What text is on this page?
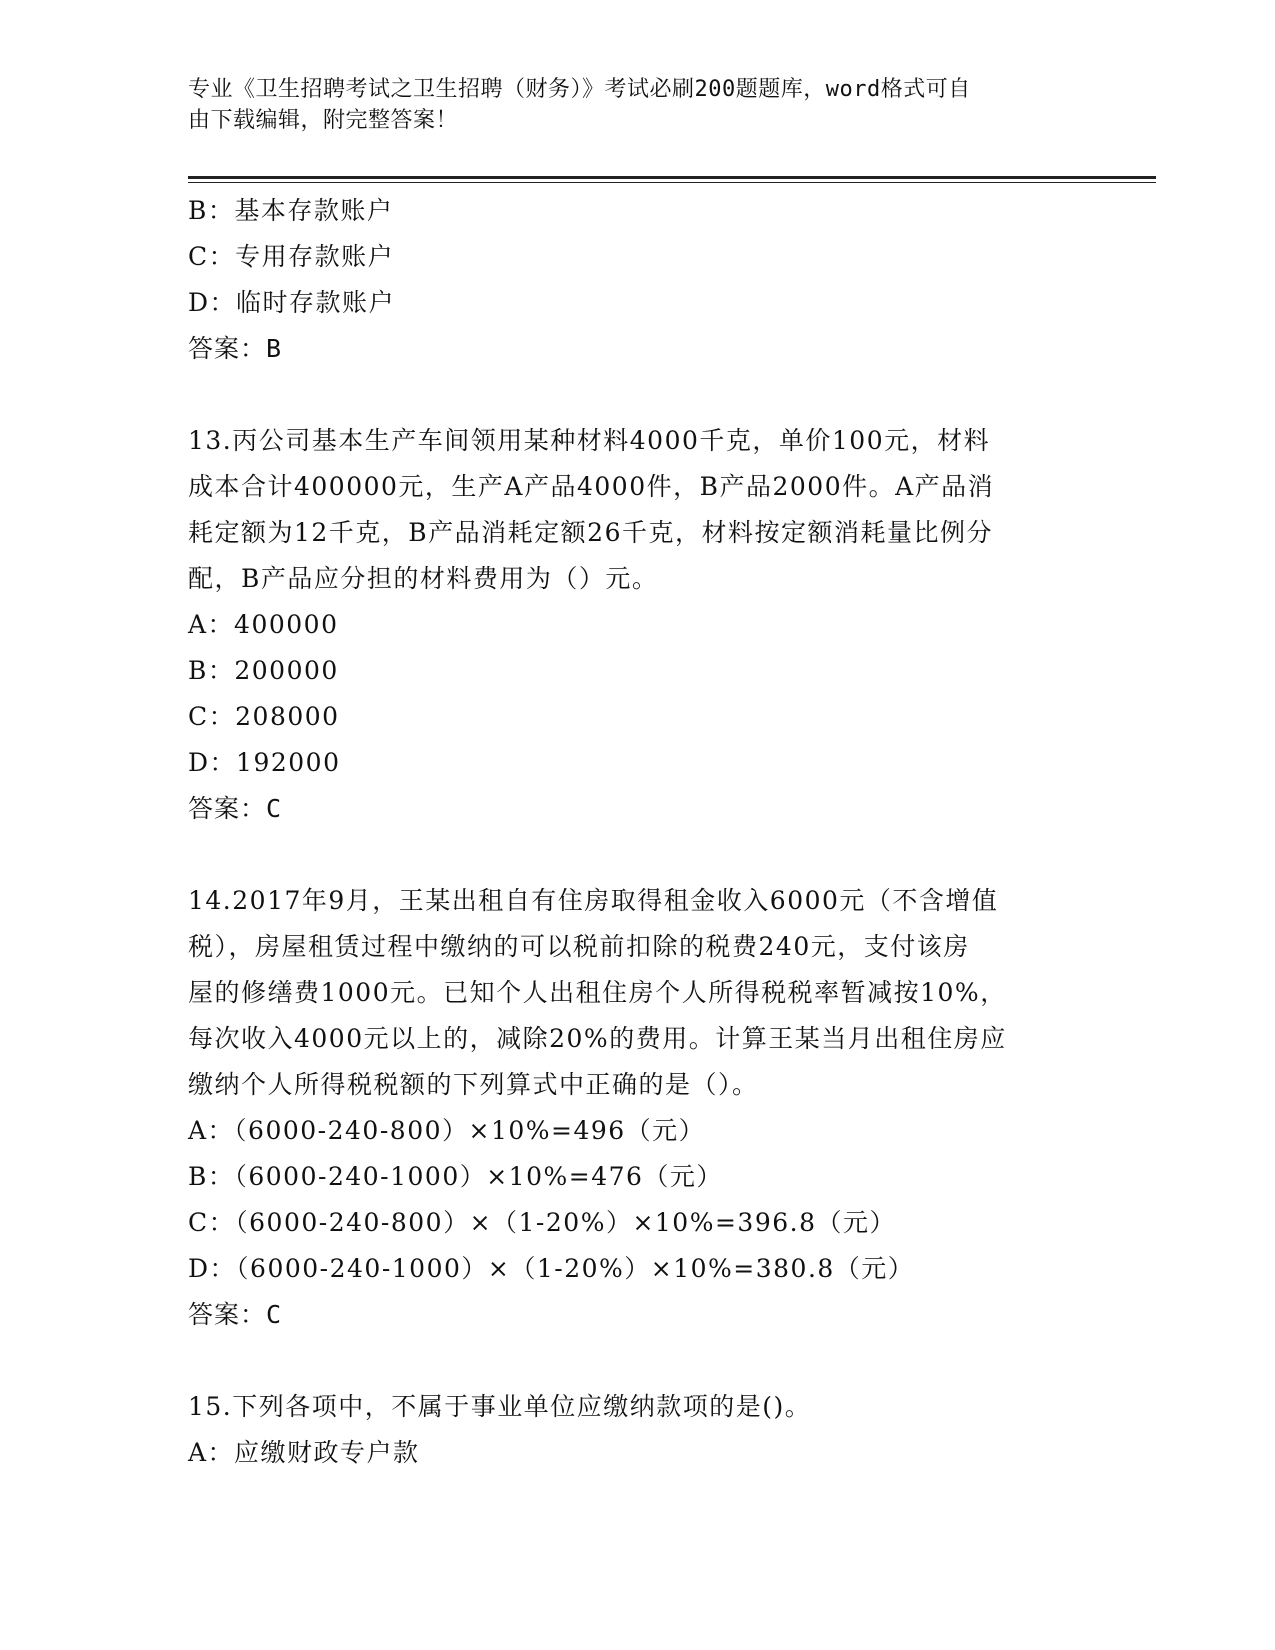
专业《卫生招聘考试之卫生招聘（财务）》考试必刷200题题库，word格式可自
由下载编辑，附完整答案！
B：基本存款账户
C：专用存款账户
D：临时存款账户
答案：B
13.丙公司基本生产车间领用某种材料4000千克，单价100元，材料
成本合计400000元，生产A产品4000件，B产品2000件。A产品消
耗定额为12千克，B产品消耗定额26千克，材料按定额消耗量比例分
配，B产品应分担的材料费用为（）元。
A：400000
B：200000
C：208000
D：192000
答案：C
14.2017年9月，王某出租自有住房取得租金收入6000元（不含增值
税），房屋租赁过程中缴纳的可以税前扣除的税费240元，支付该房
屋的修缮费1000元。已知个人出租住房个人所得税税率暂减按10%，
每次收入4000元以上的，减除20%的费用。计算王某当月出租住房应
缴纳个人所得税税额的下列算式中正确的是（）。
A：（6000-240-800）×10%=496（元）
B：（6000-240-1000）×10%=476（元）
C：（6000-240-800）×（1-20%）×10%=396.8（元）
D：（6000-240-1000）×（1-20%）×10%=380.8（元）
答案：C
15.下列各项中，不属于事业单位应缴纳款项的是()。
A：应缴财政专户款
